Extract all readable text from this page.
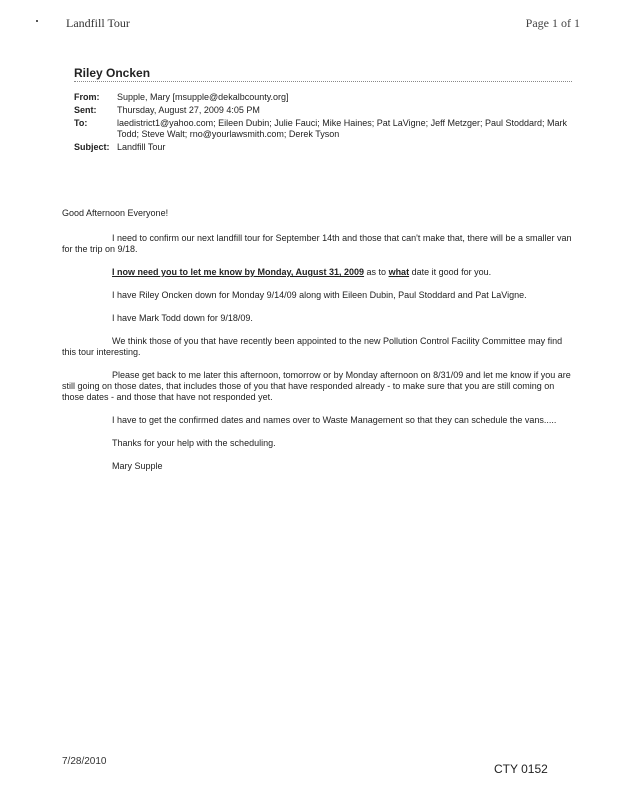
Landfill Tour	Page 1 of 1
Riley Oncken
From:	Supple, Mary [msupple@dekalbcounty.org]
Sent:	Thursday, August 27, 2009 4:05 PM
To:	laedistrict1@yahoo.com; Eileen Dubin; Julie Fauci; Mike Haines; Pat LaVigne; Jeff Metzger; Paul Stoddard; Mark Todd; Steve Walt; rno@yourlawsmith.com; Derek Tyson
Subject: Landfill Tour

Good Afternoon Everyone!

I need to confirm our next landfill tour for September 14th and those that can't make that, there will be a smaller van for the trip on 9/18.

I now need you to let me know by Monday, August 31, 2009 as to what date it good for you.

I have Riley Oncken down for Monday 9/14/09 along with Eileen Dubin, Paul Stoddard and Pat LaVigne.

I have Mark Todd down for 9/18/09.

We think those of you that have recently been appointed to the new Pollution Control Facility Committee may find this tour interesting.

Please get back to me later this afternoon, tomorrow or by Monday afternoon on 8/31/09 and let me know if you are still going on those dates, that includes those of you that have responded already - to make sure that you are still coming on those dates - and those that have not responded yet.

I have to get the confirmed dates and names over to Waste Management so that they can schedule the vans.....

Thanks for your help with the scheduling.

Mary Supple

7/28/2010
CTY 0152
